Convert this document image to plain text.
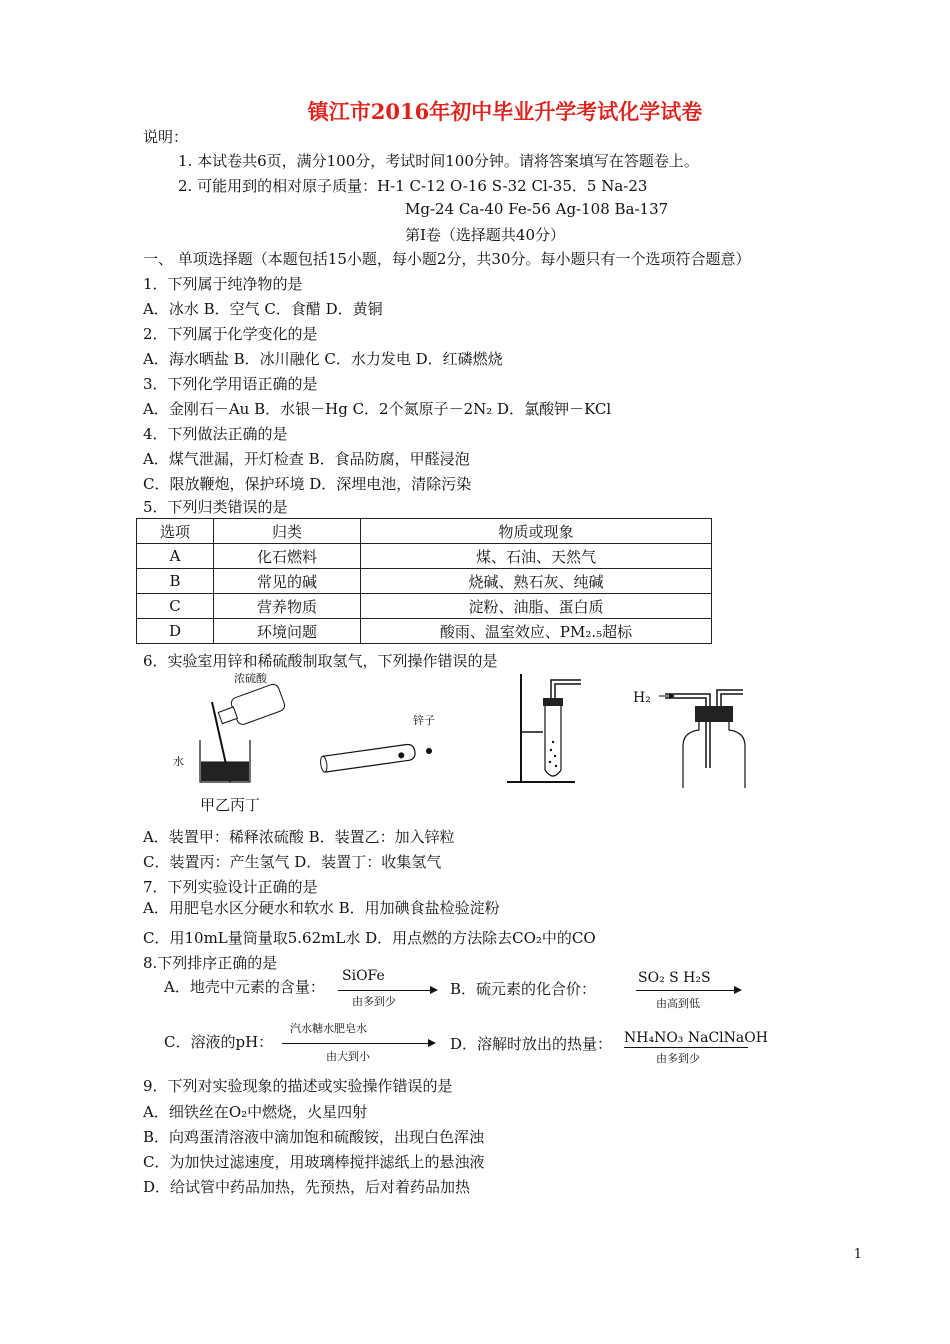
镇江市2016年初中毕业升学考试化学试卷
说明：
1. 本试卷共6页，满分100分，考试时间100分钟。请将答案填写在答题卷上。
2. 可能用到的相对原子质量：H-1 C-12 O-16 S-32 Cl-35．5 Na-23
Mg-24 Ca-40 Fe-56 Ag-108 Ba-137
第Ⅰ卷（选择题共40分）
一、 单项选择题（本题包括15小题，每小题2分，共30分。每小题只有一个选项符合题意）
1．下列属于纯净物的是
A．冰水 B．空气 C．食醋 D．黄铜
2．下列属于化学变化的是
A．海水晒盐 B．冰川融化 C．水力发电 D．红磷燃烧
3．下列化学用语正确的是
A．金刚石－Au B．水银－Hg C．2个氮原子－2N₂ D．氯酸钾－KCl
4．下列做法正确的是
A．煤气泄漏，开灯检查 B．食品防腐，甲醛浸泡
C．限放鞭炮，保护环境 D．深埋电池，清除污染
5．下列归类错误的是
选项	归类	物质或现象
A	化石燃料	煤、石油、天然气
B	常见的碱	烧碱、熟石灰、纯碱
C	营养物质	淀粉、油脂、蛋白质
D	环境问题	酸雨、温室效应、PM₂.₅超标
6．实验室用锌和稀硫酸制取氢气，下列操作错误的是
浓硫酸
水
锌子
H₂
甲乙丙丁
A．装置甲：稀释浓硫酸 B．装置乙：加入锌粒
C．装置丙：产生氢气 D．装置丁：收集氢气
7．下列实验设计正确的是
A．用肥皂水区分硬水和软水 B．用加碘食盐检验淀粉
C．用10mL量筒量取5.62mL水 D．用点燃的方法除去CO₂中的CO
8.下列排序正确的是
A．地壳中元素的含量：
SiOFe
由多到少
B．硫元素的化合价：
SO₂ S H₂S
由高到低
C．溶液的pH：
汽水糖水肥皂水
由大到小
D．溶解时放出的热量： NH₄NO₃ NaClNaOH
由多到少
9．下列对实验现象的描述或实验操作错误的是
A．细铁丝在O₂中燃烧，火星四射
B．向鸡蛋清溶液中滴加饱和硫酸铵，出现白色浑浊
C．为加快过滤速度，用玻璃棒搅拌滤纸上的悬浊液
D．给试管中药品加热，先预热，后对着药品加热
1
